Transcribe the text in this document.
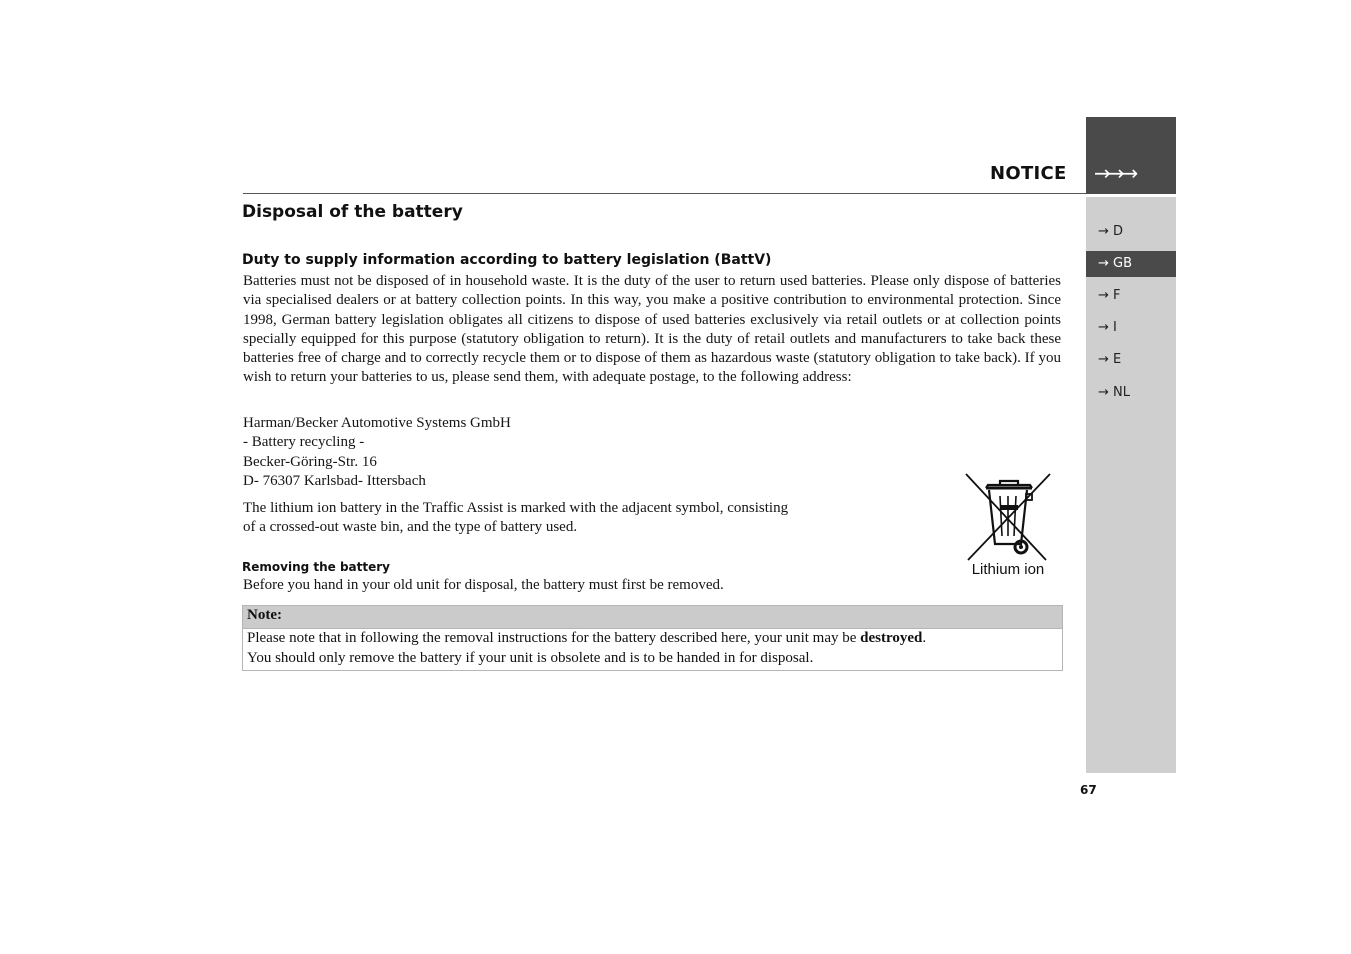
NOTICE	→→→
→ D
→ GB
→ F
→ I
→ E
→ NL
Disposal of the battery
Duty to supply information according to battery legislation (BattV)
Batteries must not be disposed of in household waste. It is the duty of the user to return used batteries. Please only dispose of batteries via specialised dealers or at battery collection points. In this way, you make a positive contribution to environmental protection. Since 1998, German battery legislation obligates all citizens to dispose of used batteries exclusively via retail outlets or at collection points specially equipped for this purpose (statutory obligation to return). It is the duty of retail outlets and manufacturers to take back these batteries free of charge and to correctly recycle them or to dispose of them as hazardous waste (statutory obligation to take back). If you wish to return your batteries to us, please send them, with adequate postage, to the following address:
Harman/Becker Automotive Systems GmbH
- Battery recycling -
Becker-Göring-Str. 16
D- 76307 Karlsbad- Ittersbach
The lithium ion battery in the Traffic Assist is marked with the adjacent symbol, consisting
of a crossed-out waste bin, and the type of battery used.
Lithium ion
Removing the battery
Before you hand in your old unit for disposal, the battery must first be removed.
Note:
Please note that in following the removal instructions for the battery described here, your unit may be destroyed.
You should only remove the battery if your unit is obsolete and is to be handed in for disposal.
67
